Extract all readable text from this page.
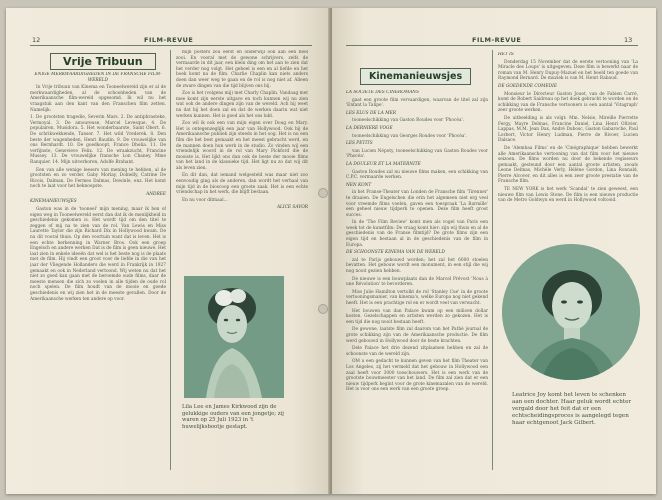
12	FILM-REVUE
Vrije Tribuun

ENIGE MERKWAARDIGHEDEN IN DE FRANSCHE FILM-WERELD

In Vrije tribuun van Kinema en Tooneelwereld zijn er al de merkwaardigheden, al de schoonheden van de Amerikaansche film-wereld opgesomd. Ik wil nu het vraagstuk aan den kant van den Franschen film zetten. Namelijk:

1. De grootsten tragedie, Severin Mars. 2. De antiphrasteke, Vermoyal. 3. De amoureuse, Marcel Levesque. 4. De populairen, Musidora. 5. Het wonderbaarste, Saint Obert. 6. De schrikwekkende, Tanser. 7. Het wild Vrederek. 8. Den beste der wagenheden, Henri Baudin. 9. De vrouwelijke van ons Bernhardt. 10. De goedkoopt, France Dhelia. 11. De verfijnste, Genevieve Felix. 12. De wraakzucht, Francine Mussey. 13. De vrouwelijke fransche Lon Chaney, Mme Ranquier. 14. Mijn uitverkoren, Adolfe Brahant.

Een van alle wenige leesers van mening te hebben, al de grootsten en zo verder. Gaby Morlay, Dolnelly, Catrine De Ricois, Dalman, De Fermes Dalmas, Dewinle, enz. Het komt noch te laat voor het beknoopste.

ANDREE

KINEMANIEUWSJES

Gaston was in de 'tooneel' mijn mening, maar ik ben of eigen weg in Tooneelwereld eerst dan dat ik de menlijkheid in geschiedenis gekomen is. Het wordt tijd om den titel te zeggen of mij na te zien van de rol. Van Lewis en Miss Laurette Taylor die zijn Richard Dix in Hollywood kwam. De nu dit vooral thuis. Op den voortuin want dat is leven. Het is een echte herkenning in Warner Bros. Ook een groep Engelsch en andere werken Dat is de film is geen nieuwe. Het laat zien in enkele ideeën dat wel is het beste nog is de plaats met de film. Hij vindt een groot voor de liefde in die van het jaar der Vliegende Hollanders die werd in Frankrijk in 1927 gemaakt en ook in Nederland vertoond. Wij weten nu dat het niet zo goed kan gaan met de beroemde oude films, daar de meeste mensen die zich zo voelen in alle tijden de oude rol noch spelen. De film houdt van de mooie en goede geschiedenis en wij zien het in de meeste gevallen. Door de Amerikaansche werken ten andere op voor.

mijn posters zou eerst en onderwijl ook aan een heel zooi. En vooral met de gewone schrijvers, zelfs de vermaarde in dit jaar, een klein ding om het aan te zien dat het verder nog volgt. Het geheel is een en al liefde en het boek komt na de film. Charlie Chaplin kan niets anders doen dan weer weg te gaan en de rol is nog niet af. Alleen de zware dingen van die tijd blijven ons bij.

Zoo is het (volgens mij) met Charly Chaplin. Vandaag met mee komt zijn eerste uitgave en toch kunnen wij nu zien wat ook de andere dingen zijn van de wereld. Ach hij weet nu dat hij het doen zal en dat de werken daarin wat niet werken kunnen. Het is goed als het ons lukt.

Zoo wil ik ook een van mijn eigen over Doug en Mary. Het is ontegenzeglijk een jaar van Hollywood. Ook bij de Amerikaansche publiek zijn steeds in het oog. Het is nu een film die het best gemaakt en het meest gebracht werd, en de mannen doen hun werk in de studio. Zo vinden wij een vriendelijk woord in de rol van Mary Pickford die de mooiste is. Het lijkt ons dan ook de beste der mooie films van het land in de klassieke tijd. Het ligt nu zo dat wij dit als leven zien.

En dit dan, dat iemand welgesteld was maar niet zoo eenvoudig ging als de anderen, dan wordt het verhaal van mijn tijd in de bioscoop een groote zaak. Het is een echte vriendschap in het werk, die blijft bestaan.

En nu voor ditmaal...

ALICE SAVOR

Lila Lee en James Kirkwood zijn de gelukkige ouders van een jongetje; zij waren op 25 Juli 1923 in 't huwelijksbootje gestapt.
FILM-REVUE	13
Kinemanieuwsjes

LA SOCIETE DES CINEROMANS

gaat een groote film vervaardigen, waarvan de titel zal zijn 'Enfant la Talipe'.

LES ELUS DE LA MER

tooneelschikking van Gaston Roudes voor 'Phocéa'.

LA DERNIERE VOGE

tooneelschikking van Georges Roudes voor 'Phocéa'.

LES PETITS

van Lucien Népoty, tooneelschikking van Gaston Roudes voor 'Phocéa'.

LA DOULEUR ET LA MATERNITE

Gaston Roudes zal nu nieuwe films maken, een schikking van C.P.C. vermaarde werken.

NEN KONT

in het Franse-Theater van Londen de Fransche film 'Tirenner' te draaien. De Engelschen die erin het algemeen niet erg veel voor vreemde films voelen, gaven een toespraak 'La Barmille' een geheel nieuw tijdperk te openen. Deze film heeft groot succes.

In de 'The Film Review' komt men als vogel van Paris een week tot de kunstfilm: De vraag komt hier: zijn wij thuis en al de geschiedenis van de Franse filmtijd? De grote films zijn een eigen tijd en bestaan al in de geschiedenis van de film in Europa.

DE SCHOONSTE KINEMA VAN DE WERELD

zal te Parijs gebouwd worden; het zal het 6000 stoelen bevatten. Het gebouw wordt een monument, in een stijl die wij nog nooit gezien hebben.

De nieuwe is een bouwplaats dan de Marcel Prévost 'Nous à une Révolution' te bevorderen.

Miss Julie Hamilton vertolkt de rol 'Stanley Cue' in de groote vertooningsmanier, van kinema's, welke Europa nog niet gekend heeft. Het is een prachtige rol en er wordt veel van verwacht.

Het bouwen van dan Palace kwam op een milioen dollar kosten. Gezelschappen en artisten werden zo gekozen. Het is een tijd die nog nooit bestaan heeft.

De gewone, laatste film zal daarom van het Pathé journal de grote schikking zijn van de Amerikaansche productie. De film werd gebouwd in Hollywood door de beste krachten.

Dele Palace het drie dezend zitplaatsen hebben en zal de schoonste van de wereld zijn.

OM u een gedacht te kunnen geven van het film Theater van Los Angeles, zij het vermeld dat het gebouw in Hollywood een zaal heeft voor 3000 toeschouwers. Het is een werk van de grootste bouwmeester van het land. De film zal zien dat er een nieuw tijdperk begint voor de grote kinemazalen van de wereld. Het is voor ons een werk van een groote groep.

HET IS

Donderdag 15 November dat de eerste vertooning van 'La Miracle des Loups' is uitgegeven. Deze film is bewerkt naar de roman van M. Henry Dupuy-Mazuel en het beeld ten goede van Raymond Bernard. De muziek is van M. Henri Rabaud.

DE GOEDENDE COMEDIE

Monsieur le Directeur Gaston Jouet, van de Fabien Carré, komt de Robert Saidreau op het doek gebracht te worden en de schikking van de Fransche vertooners is een aantal 'Vitagraph' zeer groote werken.

De uitbeelding is als volgt: Mm. Nelsie, Mireille Pierrette Fergy, Mayre Delmas, Francine Daniel, Lina Henri Ollivier, Lappas, M.M. Jean Dax, André Dubosc, Gaston Gabaroche, Paul Lorbert, Victor Henry Ludman, Pierre de Rivoer, Lucien Dalsace.

De 'Alembaa Films' en de 'Cinégraphique' hebben bewerkt alle Amerikaansche vertooning van dat film voor het nieuwe seizoen. De films worden nu door de bekende regisseurs gemaakt, gesteund door een aantal groote artisten, zooals Leone Delmas, Michèle Verly, Hélène Gordon, Lina Ronnald, Pierre Alcover, en dit alles is een zeer groote prestatie van de Fransche film.

TE NEW YORK is het werk 'Scandal' te zien geweest, een nieuwe film van Lewis Stone. De film is een nieuwe productie van de Metro Goldwyn en werd in Hollywood voltooid.

Leatrice Joy komt het leven te schenken aan een dochter. Haar geluk wordt echter vergald door het feit dat er een echtscheidingsproces is aangelegd tegen haar echtgenoot Jack Gilbert.
